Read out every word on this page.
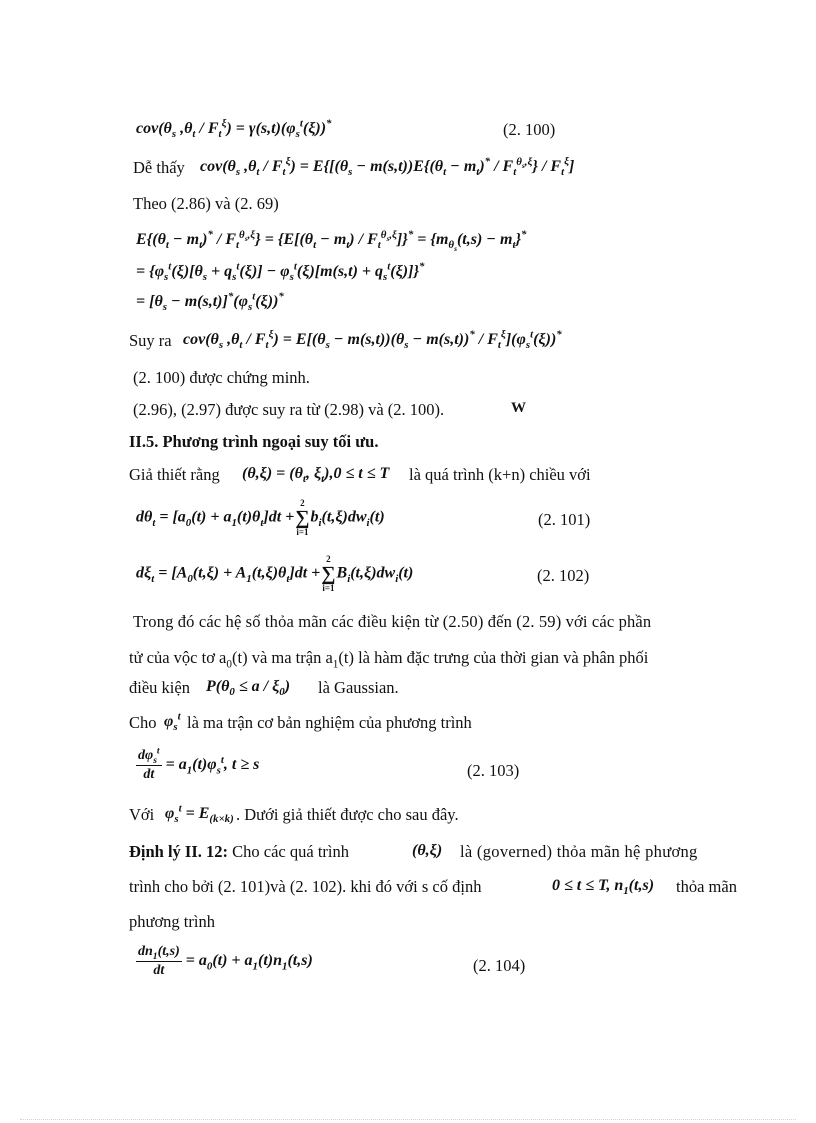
$cov(\theta_s$ $,\theta_t / F_t^\xi) = \gamma(s,t)(\varphi_s^t(\xi))^*$	(2. 100)
Dễ thấy $cov(\theta_s$ $,\theta_t / F_t^\xi) = E\{[(\theta_s - m(s,t))E\{(\theta_t - m_t)^* / F_t^{\theta_s,\xi}\} / F_t^\xi]$
Theo (2.86) và (2. 69)
$E\{(\theta_t - m_t)^* / F_t^{\theta_s,\xi}\} = \{E[(\theta_t - m_t) / F_t^{\theta_s,\xi}]\}^* = \{m_{\theta_s}(t,s) - m_t\}^*$
= $\{\varphi_s^t(\xi)[\theta_s + q_s^t(\xi)] - \varphi_s^t(\xi)[m(s,t) + q_s^t(\xi)]\}^*$
= $[\theta_s - m(s,t)]^*(\varphi_s^t(\xi))^*$
Suy ra $cov(\theta_s$ $,\theta_t / F_t^\xi) = E[(\theta_s - m(s,t))(\theta_s - m(s,t))^* / F_t^\xi](\varphi_s^t(\xi))^*$
(2. 100) được chứng minh.
(2.96), (2.97) được suy ra từ (2.98) và (2. 100).	W
II.5. Phương trình ngoại suy tối ưu.
Giả thiết rằng $(\theta,\xi) = (\theta_t$, $\xi_t),0 \le t \le T$ là quá trình (k+n) chiều với
$d\theta_t = [a_0(t) + a_1(t)\theta_t]dt$ +
2
∑
i=1
$b_i(t,\xi)dw_i(t)$	(2. 101)
$d\xi_t = [A_0(t,\xi) + A_1(t,\xi)\theta_t]dt$ +
2
∑
i=1
$B_i(t,\xi)dw_i(t)$	(2. 102)
Trong đó các hệ số thỏa mãn các điều kiện từ (2.50) đến (2. 59) với các phần
tử của vộc tơ $a_0(t)$ và ma trận $a_1(t)$ là hàm đặc trưng của thời gian và phân phối
điều kiện $P(\theta_0 \le a / \xi_0)$ là Gaussian.
Cho $\varphi_s^t$ là ma trận cơ bản nghiệm của phương trình
$\frac{d\varphi_s^t}{dt} = a_1(t)\varphi_s^t$, t ≥ s	(2. 103)
Với $\varphi_s^t = E_{(k\times k)}$ . Dưới giả thiết được cho sau đây.
Định lý II. 12: Cho các quá trình	(θ,ξ) là (governed) thỏa mãn hệ phương
trình cho bởi (2. 101)và (2. 102). khi đó với s cố định	0 ≤ t ≤ T, $n_1(t,s)$ thỏa mãn
phương trình
$\frac{dn_1(t,s)}{dt} = a_0(t) + a_1(t)n_1(t,s)$	(2. 104)
